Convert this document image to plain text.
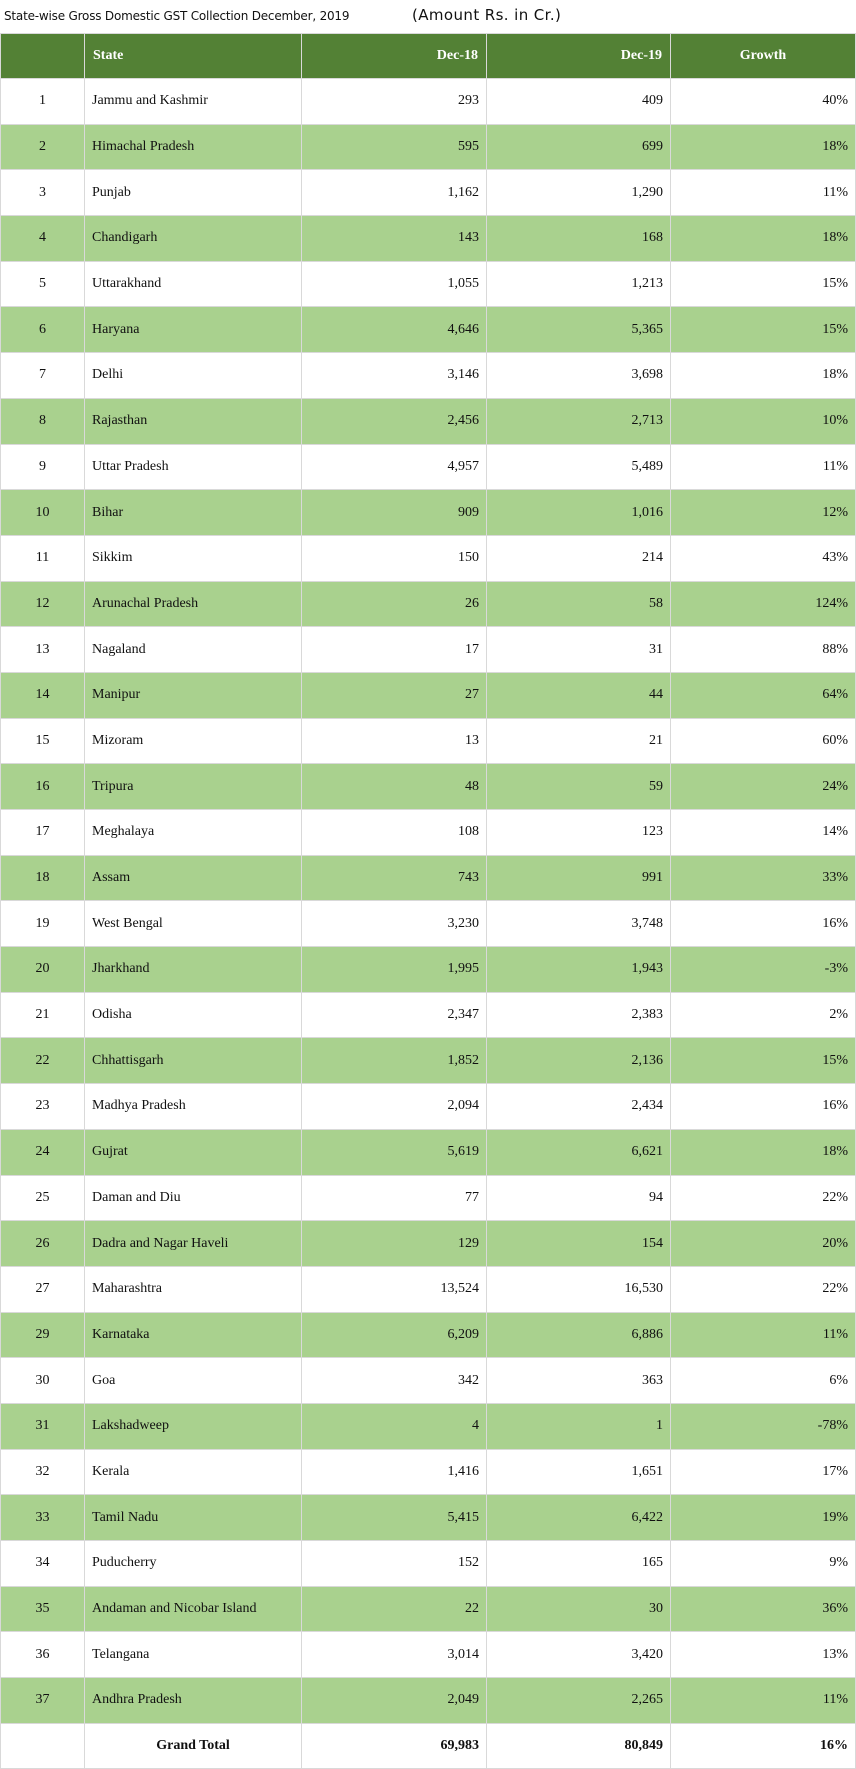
State-wise Gross Domestic GST Collection December, 2019	(Amount Rs. in Cr.)
	State	Dec-18	Dec-19	Growth
1	Jammu and Kashmir	293	409	40%
2	Himachal Pradesh	595	699	18%
3	Punjab	1,162	1,290	11%
4	Chandigarh	143	168	18%
5	Uttarakhand	1,055	1,213	15%
6	Haryana	4,646	5,365	15%
7	Delhi	3,146	3,698	18%
8	Rajasthan	2,456	2,713	10%
9	Uttar Pradesh	4,957	5,489	11%
10	Bihar	909	1,016	12%
11	Sikkim	150	214	43%
12	Arunachal Pradesh	26	58	124%
13	Nagaland	17	31	88%
14	Manipur	27	44	64%
15	Mizoram	13	21	60%
16	Tripura	48	59	24%
17	Meghalaya	108	123	14%
18	Assam	743	991	33%
19	West Bengal	3,230	3,748	16%
20	Jharkhand	1,995	1,943	-3%
21	Odisha	2,347	2,383	2%
22	Chhattisgarh	1,852	2,136	15%
23	Madhya Pradesh	2,094	2,434	16%
24	Gujrat	5,619	6,621	18%
25	Daman and Diu	77	94	22%
26	Dadra and Nagar Haveli	129	154	20%
27	Maharashtra	13,524	16,530	22%
29	Karnataka	6,209	6,886	11%
30	Goa	342	363	6%
31	Lakshadweep	4	1	-78%
32	Kerala	1,416	1,651	17%
33	Tamil Nadu	5,415	6,422	19%
34	Puducherry	152	165	9%
35	Andaman and Nicobar Island	22	30	36%
36	Telangana	3,014	3,420	13%
37	Andhra Pradesh	2,049	2,265	11%
	Grand Total	69,983	80,849	16%
